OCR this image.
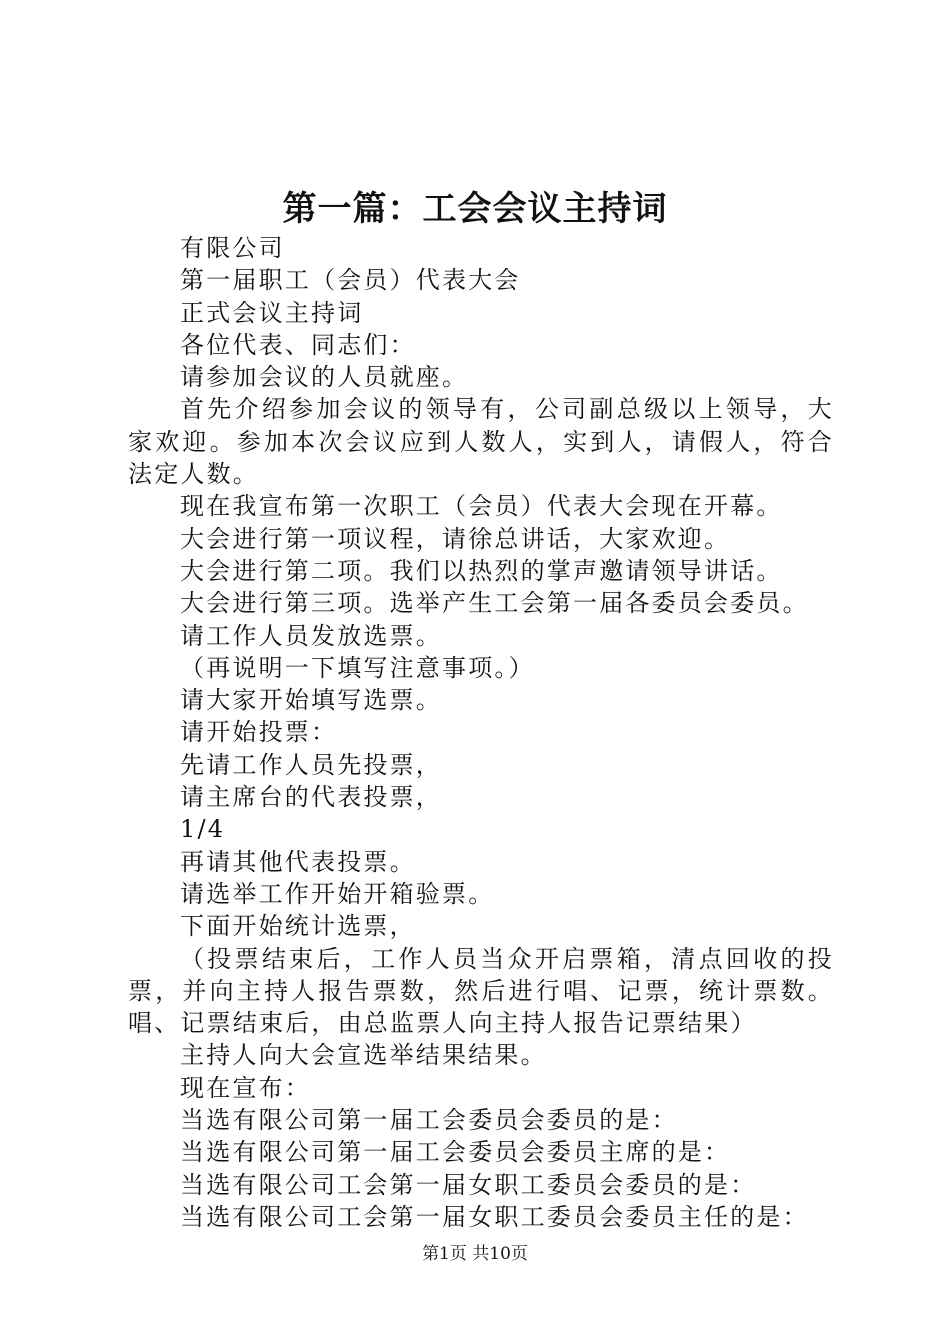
第一篇：工会会议主持词

有限公司

第一届职工（会员）代表大会

正式会议主持词

各位代表、同志们：

请参加会议的人员就座。

首先介绍参加会议的领导有，公司副总级以上领导，大家欢迎。参加本次会议应到人数人，实到人，请假人，符合法定人数。

现在我宣布第一次职工（会员）代表大会现在开幕。

大会进行第一项议程，请徐总讲话，大家欢迎。

大会进行第二项。我们以热烈的掌声邀请领导讲话。

大会进行第三项。选举产生工会第一届各委员会委员。

请工作人员发放选票。

（再说明一下填写注意事项。）

请大家开始填写选票。

请开始投票：

先请工作人员先投票，

请主席台的代表投票，

1/4

再请其他代表投票。

请选举工作开始开箱验票。

下面开始统计选票，

（投票结束后，工作人员当众开启票箱，清点回收的投票，并向主持人报告票数，然后进行唱、记票，统计票数。唱、记票结束后，由总监票人向主持人报告记票结果）

主持人向大会宣选举结果结果。

现在宣布：

当选有限公司第一届工会委员会委员的是：

当选有限公司第一届工会委员会委员主席的是：

当选有限公司工会第一届女职工委员会委员的是：

当选有限公司工会第一届女职工委员会委员主任的是：

第1页 共10页
